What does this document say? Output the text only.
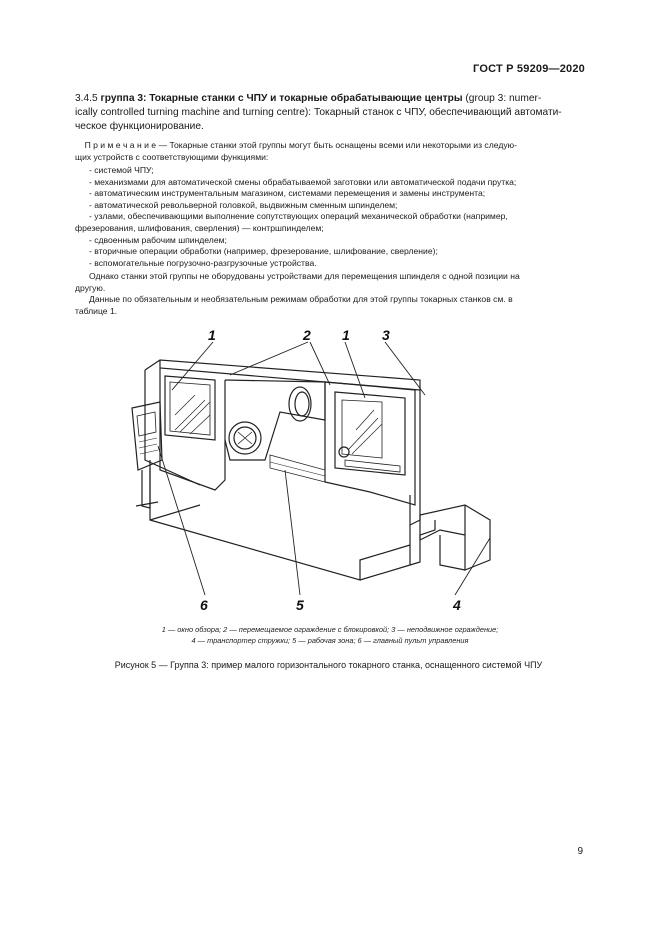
ГОСТ Р 59209—2020
3.4.5 группа 3: Токарные станки с ЧПУ и токарные обрабатывающие центры (group 3: numer-
ically controlled turning machine and turning centre): Токарный станок с ЧПУ, обеспечивающий автомати-
ческое функционирование.

П р и м е ч а н и е — Токарные станки этой группы могут быть оснащены всеми или некоторыми из следую-

щих устройств с соответствующими функциями:

- системой ЧПУ;

- механизмами для автоматической смены обрабатываемой заготовки или автоматической подачи прутка;

- автоматическим инструментальным магазином, системами перемещения и замены инструмента;

- автоматической револьверной головкой, выдвижным сменным шпинделем;

- узлами, обеспечивающими выполнение сопутствующих операций механической обработки (например,

фрезерования, шлифования, сверления) — контршпинделем;

- сдвоенным рабочим шпинделем;

- вторичные операции обработки (например, фрезерование, шлифование, сверление);

- вспомогательные погрузочно-разгрузочные устройства.

Однако станки этой группы не оборудованы устройствами для перемещения шпинделя с одной позиции на

другую.

Данные по обязательным и необязательным режимам обработки для этой группы токарных станков см. в

таблице 1.

1	2 1 3
6	5	4
1 — окно обзора; 2 — перемещаемое ограждение с блокировкой; 3 — неподвижное ограждение;
4 — транспортер стружки; 5 — рабочая зона; 6 — главный пульт управления
Рисунок 5 — Группа 3: пример малого горизонтального токарного станка, оснащенного системой ЧПУ
9
